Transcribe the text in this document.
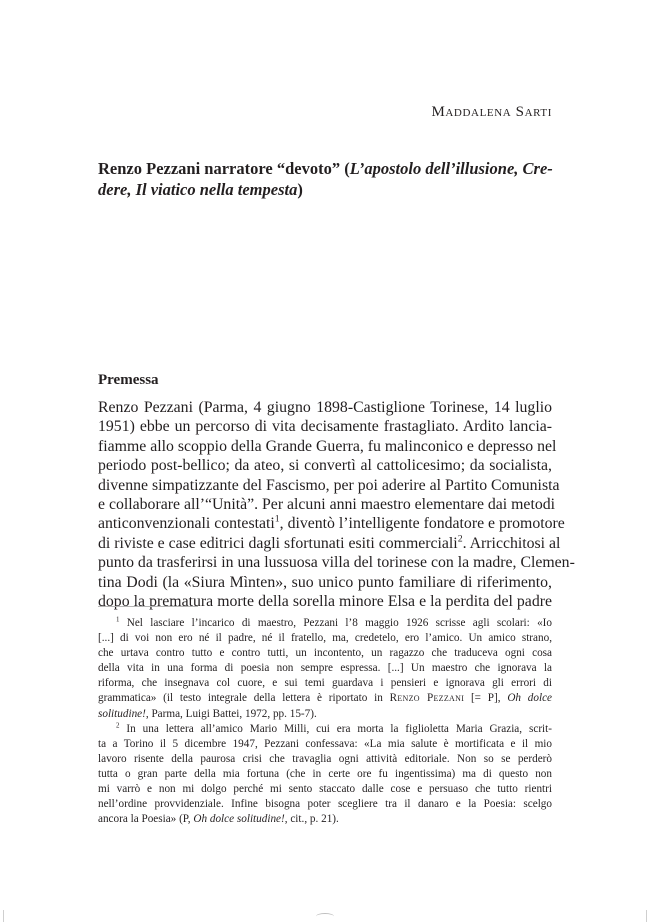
Maddalena Sarti
Renzo Pezzani narratore “devoto” (L’apostolo dell’illusione, Cre-
dere, Il viatico nella tempesta)
Premessa
Renzo Pezzani (Parma, 4 giugno 1898-Castiglione Torinese, 14 luglio
1951) ebbe un percorso di vita decisamente frastagliato. Ardito lancia-
fiamme allo scoppio della Grande Guerra, fu malinconico e depresso nel
periodo post-bellico; da ateo, si convertì al cattolicesimo; da socialista,
divenne simpatizzante del Fascismo, per poi aderire al Partito Comunista
e collaborare all’“Unità”. Per alcuni anni maestro elementare dai metodi
anticonvenzionali contestati$^1$, diventò l’intelligente fondatore e promotore
di riviste e case editrici dagli sfortunati esiti commerciali$^2$. Arricchitosi al
punto da trasferirsi in una lussuosa villa del torinese con la madre, Clemen-
tina Dodi (la «Siura Mìnten», suo unico punto familiare di riferimento,
dopo la prematura morte della sorella minore Elsa e la perdita del padre
$^1$ Nel lasciare l’incarico di maestro, Pezzani l’8 maggio 1926 scrisse agli scolari: «Io
[...] di voi non ero né il padre, né il fratello, ma, credetelo, ero l’amico. Un amico strano,
che urtava contro tutto e contro tutti, un incontento, un ragazzo che traduceva ogni cosa
della vita in una forma di poesia non sempre espressa. [...] Un maestro che ignorava la
riforma, che insegnava col cuore, e sui temi guardava i pensieri e ignorava gli errori di
grammatica» (il testo integrale della lettera è riportato in Renzo Pezzani [= P], Oh dolce
solitudine!, Parma, Luigi Battei, 1972, pp. 15-7).
$^2$ In una lettera all’amico Mario Milli, cui era morta la figlioletta Maria Grazia, scrit-
ta a Torino il 5 dicembre 1947, Pezzani confessava: «La mia salute è mortificata e il mio
lavoro risente della paurosa crisi che travaglia ogni attività editoriale. Non so se perderò
tutta o gran parte della mia fortuna (che in certe ore fu ingentissima) ma di questo non
mi varrò e non mi dolgo perché mi sento staccato dalle cose e persuaso che tutto rientri
nell’ordine provvidenziale. Infine bisogna poter scegliere tra il danaro e la Poesia: scelgo
ancora la Poesia» (P, Oh dolce solitudine!, cit., p. 21).
